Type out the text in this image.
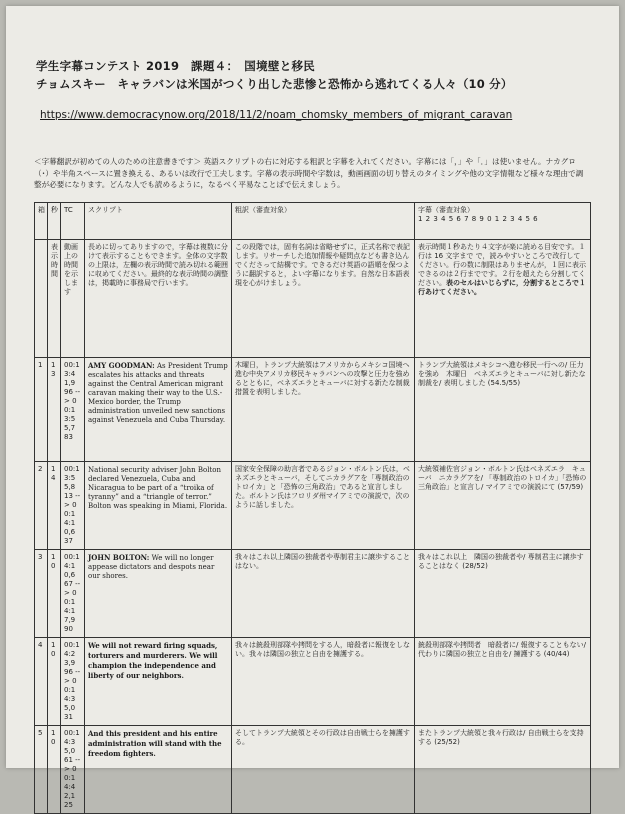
学生字幕コンテスト 2019　課題４：　国境壁と移民
チョムスキー　キャラバンは米国がつくり出した悲惨と恐怖から逃れてくる人々（10 分）
https://www.democracynow.org/2018/11/2/noam_chomsky_members_of_migrant_caravan
＜字幕翻訳が初めての人のための注意書きです＞ 英語スクリプトの右に対応する粗訳と字幕を入れてください。字幕には「，」や「．」は使いません。ナカグロ（･）や半角スペースに置き換える、あるいは改行で工夫します。字幕の表示時間や字数は，動画画面の切り替えのタイミングや他の文字情報など様々な理由で調整が必要になります。どんな人でも読めるように，なるべく平易なことばで伝えましょう。
箱	秒	TC	スクリプト	粗訳（審査対象）	字幕（審査対象）
1 2 3 4 5 6 7 8 9 0 1 2 3 4 5 6

	表示時間	動画上の時間を示します	長めに切ってありますので，字幕は複数に分けて表示することもできます。全体の文字数の上限は，左欄の表示時間で読み切れる範囲に収めてください。最終的な表示時間の調整は，掲載時に事務局で行います。	この段階では，固有名詞は省略せずに，正式名称で表記します。リサーチした追加情報や疑問点なども書き込んでくださって結構です。できるだけ英語の語順を保つように翻訳すると，よい字幕になります。自然な日本語表現を心がけましょう。	表示時間１秒あたり４文字が楽に読める目安です。１行は 16 文字まで で，読みやすいところで改行してください。行の数に制限はありませんが，１回に表示できるのは２行までです。２行を超えたら分割してください。表のセルはいじらずに，分割するところで１行あけてください。
1	13	00:13:41,9 96 --> 00:13:55,7 83	AMY GOODMAN: As President Trump escalates his attacks and threats against the Central American migrant caravan making their way to the U.S.-Mexico border, the Trump administration unveiled new sanctions against Venezuela and Cuba Thursday.	木曜日，トランプ大統領はアメリカからメキシコ国境へ進む中央アメリカ移民キャラバンへの攻撃と圧力を強めるとともに，ベネズエラとキューバに対する新たな制裁措置を表明しました。	トランプ大統領はメキシコへ進む移民一行への/ 圧力を強め　木曜日　ベネズエラとキューバに対し新たな制裁を/ 表明しました (54.5/55)
2	14	00:13:55,8 13 --> 00:14:10,6 37	National security adviser John Bolton declared Venezuela, Cuba and Nicaragua to be part of a “troika of tyranny” and a “triangle of terror.” Bolton was speaking in Miami, Florida.	国家安全保障の助言者であるジョン・ボルトン氏は，ベネズエラとキューバ，そしてニカラグアを「専制政治のトロイカ」と「恐怖の三角政治」であると宣言しました。ボルトン氏はフロリダ州マイアミでの演説で，次のように話しました。	大統領補佐官ジョン・ボルトン氏はベネズエラ　キューバ　ニカラグアを/ 「専制政治のトロイカ」「恐怖の三角政治」と宣言し/ マイアミでの演説にて (57/59)
3	10	00:14:10,6 67 --> 00:14:17,9 90	JOHN BOLTON: We will no longer appease dictators and despots near our shores.	我々はこれ以上隣国の独裁者や専制君主に譲歩することはない。	我々はこれ以上　隣国の独裁者や/ 専制君主に譲歩することはなく (28/52)
4	10	00:14:23,9 96 --> 00:14:35,0 31	We will not reward firing squads, torturers and murderers. We will champion the independence and liberty of our neighbors.	我々は銃殺刑部隊や拷問をする人，暗殺者に報復をしない。我々は隣国の独立と自由を擁護する。	銃殺刑部隊や拷問者　暗殺者に/ 報復することもない/ 代わりに隣国の独立と自由を/ 擁護する (40/44)
5	10	00:14:35,0 61 --> 00:14:42,1 25	And this president and his entire administration will stand with the freedom fighters.	そしてトランプ大統領とその行政は自由戦士らを擁護する。	またトランプ大統領と我々行政は/ 自由戦士らを支持する (25/52)
